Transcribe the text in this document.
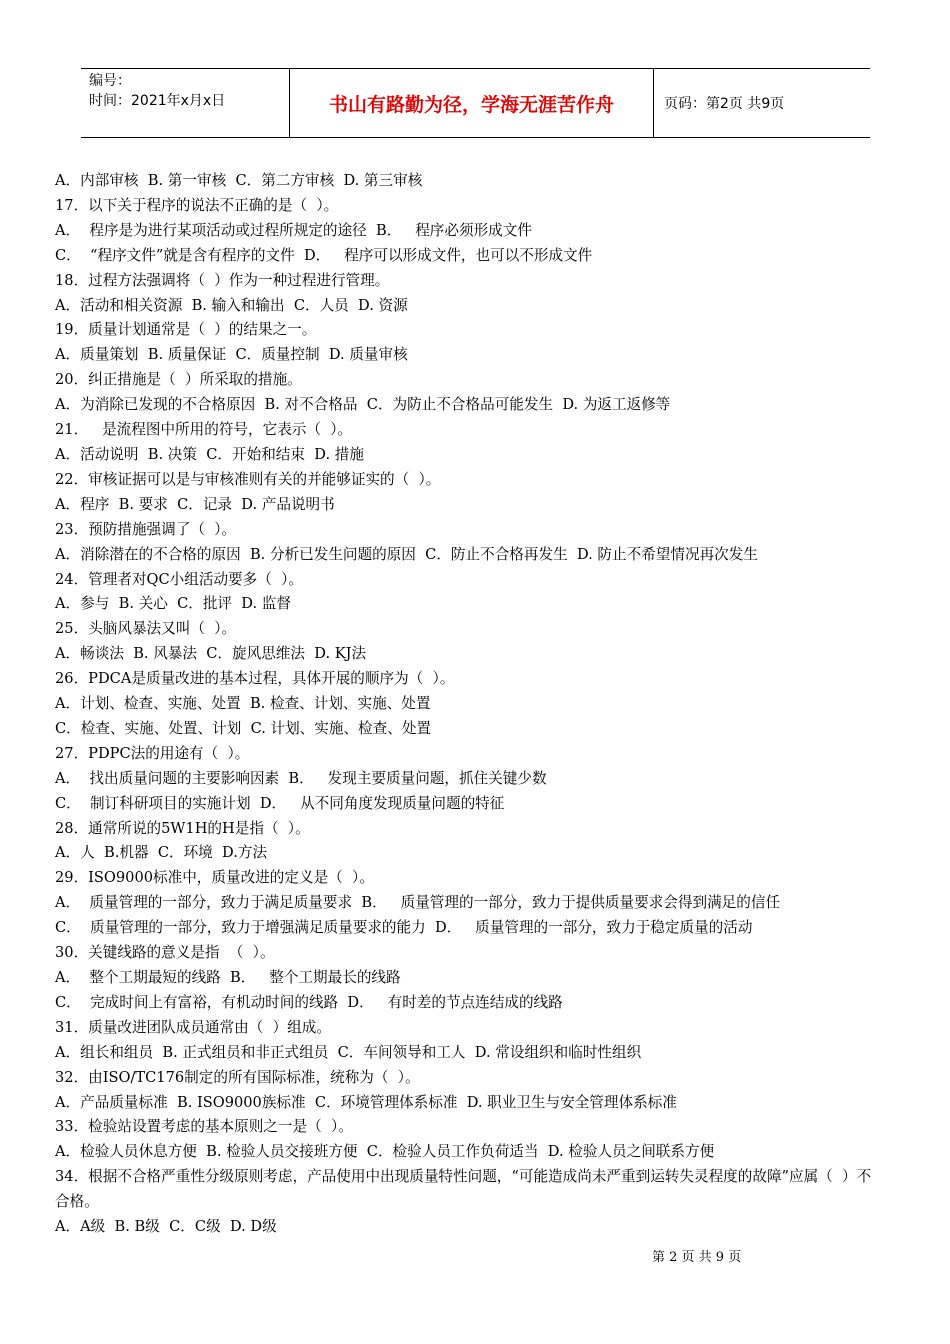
编号：
时间：2021年x月x日	书山有路勤为径，学海无涯苦作舟	页码：第2页 共9页
A．内部审核  B. 第一审核  C．第二方审核  D. 第三审核
17．以下关于程序的说法不正确的是（  ）。
A．  程序是为进行某项活动或过程所规定的途径  B．   程序必须形成文件
C．  “程序文件”就是含有程序的文件  D．   程序可以形成文件，也可以不形成文件
18．过程方法强调将（  ）作为一种过程进行管理。
A．活动和相关资源  B. 输入和输出  C．人员  D. 资源
19．质量计划通常是（  ）的结果之一。
A．质量策划  B. 质量保证  C．质量控制  D. 质量审核
20．纠正措施是（  ）所采取的措施。
A．为消除已发现的不合格原因  B. 对不合格品  C．为防止不合格品可能发生  D. 为返工返修等
21．   是流程图中所用的符号，它表示（  ）。
A．活动说明  B. 决策  C．开始和结束  D. 措施
22．审核证据可以是与审核准则有关的并能够证实的（  ）。
A．程序  B. 要求  C．记录  D. 产品说明书
23．预防措施强调了（  ）。
A．消除潜在的不合格的原因  B. 分析已发生问题的原因  C．防止不合格再发生  D. 防止不希望情况再次发生
24．管理者对QC小组活动要多（  ）。
A．参与  B. 关心  C．批评  D. 监督
25．头脑风暴法又叫（  ）。
A．畅谈法  B. 风暴法  C．旋风思维法  D. KJ法
26．PDCA是质量改进的基本过程，具体开展的顺序为（  ）。
A．计划、检查、实施、处置  B. 检查、计划、实施、处置
C．检查、实施、处置、计划  C. 计划、实施、检查、处置
27．PDPC法的用途有（  ）。
A．  找出质量问题的主要影响因素  B．   发现主要质量问题，抓住关键少数
C．  制订科研项目的实施计划  D．   从不同角度发现质量问题的特征
28．通常所说的5W1H的H是指（  ）。
A．人  B.机器  C．环境  D.方法
29．ISO9000标准中，质量改进的定义是（  ）。
A．  质量管理的一部分，致力于满足质量要求  B．   质量管理的一部分，致力于提供质量要求会得到满足的信任
C．  质量管理的一部分，致力于增强满足质量要求的能力  D．   质量管理的一部分，致力于稳定质量的活动
30．关键线路的意义是指  （  ）。
A．  整个工期最短的线路  B．   整个工期最长的线路
C．  完成时间上有富裕，有机动时间的线路  D．   有时差的节点连结成的线路
31．质量改进团队成员通常由（  ）组成。
A．组长和组员  B. 正式组员和非正式组员  C．车间领导和工人  D. 常设组织和临时性组织
32．由ISO/TC176制定的所有国际标准，统称为（  ）。
A．产品质量标准  B. ISO9000族标准  C．环境管理体系标准  D. 职业卫生与安全管理体系标准
33．检验站设置考虑的基本原则之一是（  ）。
A．检验人员休息方便  B. 检验人员交接班方便  C．检验人员工作负荷适当  D. 检验人员之间联系方便
34．根据不合格严重性分级原则考虑，产品使用中出现质量特性问题，“可能造成尚未严重到运转失灵程度的故障”应属（  ）不合格。
A．A级  B. B级  C．C级  D. D级
第 2 页 共 9 页
